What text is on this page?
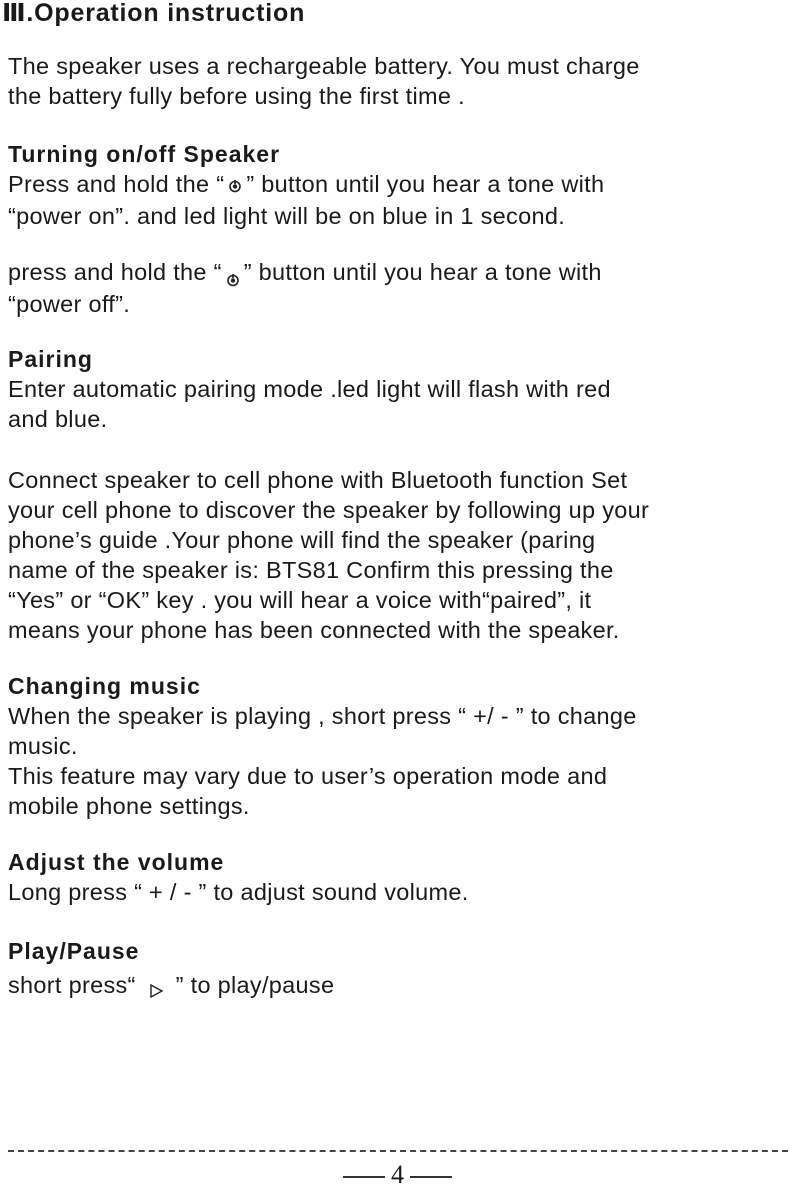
Ⅲ.Operation instruction

The speaker uses a rechargeable battery. You must charge

the battery fully before using the first time .

Turning on/off Speaker

Press and hold the “ ” button until you hear a tone with

“power on”. and led light will be on blue in 1 second.

press and hold the “ ” button until you hear a tone with

“power off”.

Pairing

Enter automatic pairing mode .led light will flash with red

and blue.

Connect speaker to cell phone with Bluetooth function Set

your cell phone to discover the speaker by following up your

phone’s guide .Your phone will find the speaker (paring

name of the speaker is: BTS81 Confirm this pressing the

“Yes” or “OK” key . you will hear a voice with“paired”, it

means your phone has been connected with the speaker.

Changing music

When the speaker is playing , short press “ +/ - ” to change

music.

This feature may vary due to user’s operation mode and

mobile phone settings.

Adjust the volume

Long press “ + / - ” to adjust sound volume.

Play/Pause

short press“ ” to play/pause

4
